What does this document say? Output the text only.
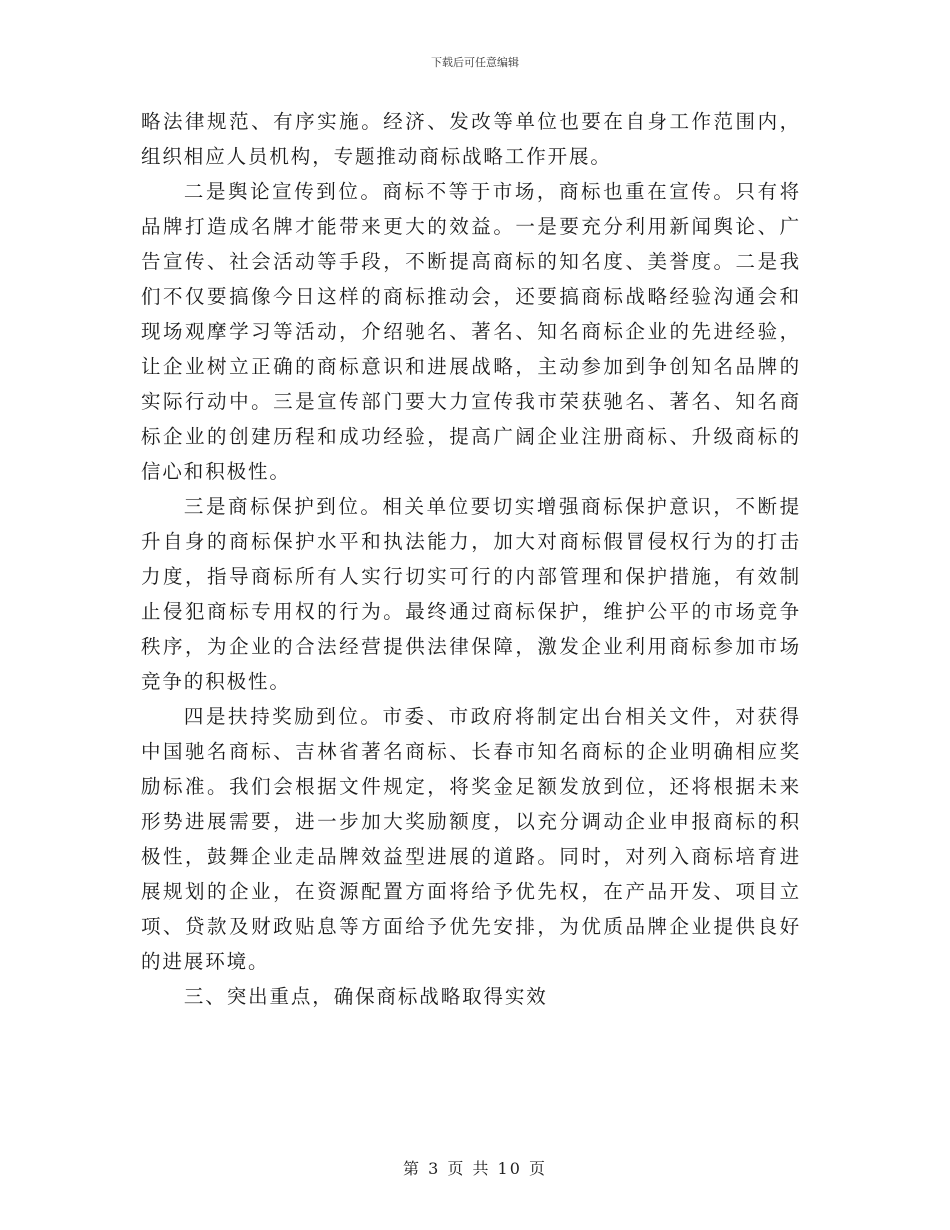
下载后可任意编辑

略法律规范、有序实施。经济、发改等单位也要在自身工作范围内，组织相应人员机构，专题推动商标战略工作开展。

二是舆论宣传到位。商标不等于市场，商标也重在宣传。只有将品牌打造成名牌才能带来更大的效益。一是要充分利用新闻舆论、广告宣传、社会活动等手段，不断提高商标的知名度、美誉度。二是我们不仅要搞像今日这样的商标推动会，还要搞商标战略经验沟通会和现场观摩学习等活动，介绍驰名、著名、知名商标企业的先进经验，让企业树立正确的商标意识和进展战略，主动参加到争创知名品牌的实际行动中。三是宣传部门要大力宣传我市荣获驰名、著名、知名商标企业的创建历程和成功经验，提高广阔企业注册商标、升级商标的信心和积极性。

三是商标保护到位。相关单位要切实增强商标保护意识，不断提升自身的商标保护水平和执法能力，加大对商标假冒侵权行为的打击力度，指导商标所有人实行切实可行的内部管理和保护措施，有效制止侵犯商标专用权的行为。最终通过商标保护，维护公平的市场竞争秩序，为企业的合法经营提供法律保障，激发企业利用商标参加市场竞争的积极性。

四是扶持奖励到位。市委、市政府将制定出台相关文件，对获得中国驰名商标、吉林省著名商标、长春市知名商标的企业明确相应奖励标准。我们会根据文件规定，将奖金足额发放到位，还将根据未来形势进展需要，进一步加大奖励额度，以充分调动企业申报商标的积极性，鼓舞企业走品牌效益型进展的道路。同时，对列入商标培育进展规划的企业，在资源配置方面将给予优先权，在产品开发、项目立项、贷款及财政贴息等方面给予优先安排，为优质品牌企业提供良好的进展环境。

三、突出重点，确保商标战略取得实效

第 3 页 共 10 页
